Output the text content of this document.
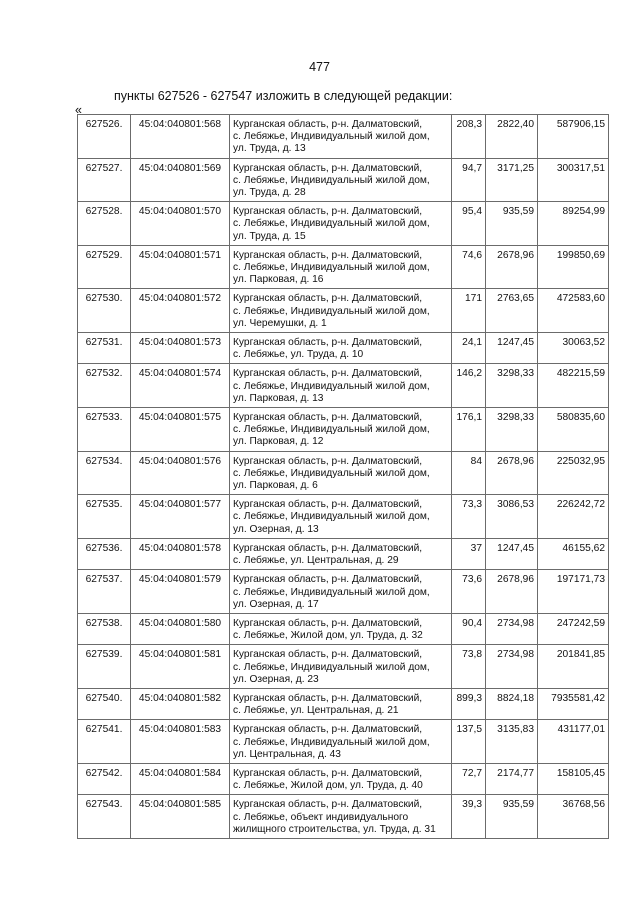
477
пункты 627526 - 627547 изложить в следующей редакции:
«
627526.	45:04:040801:568	Курганская область, р-н. Далматовский,
с. Лебяжье, Индивидуальный жилой дом,
ул. Труда, д. 13	208,3	2822,40	587906,15
627527.	45:04:040801:569	Курганская область, р-н. Далматовский,
с. Лебяжье, Индивидуальный жилой дом,
ул. Труда, д. 28	94,7	3171,25	300317,51
627528.	45:04:040801:570	Курганская область, р-н. Далматовский,
с. Лебяжье, Индивидуальный жилой дом,
ул. Труда, д. 15	95,4	935,59	89254,99
627529.	45:04:040801:571	Курганская область, р-н. Далматовский,
с. Лебяжье, Индивидуальный жилой дом,
ул. Парковая, д. 16	74,6	2678,96	199850,69
627530.	45:04:040801:572	Курганская область, р-н. Далматовский,
с. Лебяжье, Индивидуальный жилой дом,
ул. Черемушки, д. 1	171	2763,65	472583,60
627531.	45:04:040801:573	Курганская область, р-н. Далматовский,
с. Лебяжье, ул. Труда, д. 10	24,1	1247,45	30063,52
627532.	45:04:040801:574	Курганская область, р-н. Далматовский,
с. Лебяжье, Индивидуальный жилой дом,
ул. Парковая, д. 13	146,2	3298,33	482215,59
627533.	45:04:040801:575	Курганская область, р-н. Далматовский,
с. Лебяжье, Индивидуальный жилой дом,
ул. Парковая, д. 12	176,1	3298,33	580835,60
627534.	45:04:040801:576	Курганская область, р-н. Далматовский,
с. Лебяжье, Индивидуальный жилой дом,
ул. Парковая, д. 6	84	2678,96	225032,95
627535.	45:04:040801:577	Курганская область, р-н. Далматовский,
с. Лебяжье, Индивидуальный жилой дом,
ул. Озерная, д. 13	73,3	3086,53	226242,72
627536.	45:04:040801:578	Курганская область, р-н. Далматовский,
с. Лебяжье, ул. Центральная, д. 29	37	1247,45	46155,62
627537.	45:04:040801:579	Курганская область, р-н. Далматовский,
с. Лебяжье, Индивидуальный жилой дом,
ул. Озерная, д. 17	73,6	2678,96	197171,73
627538.	45:04:040801:580	Курганская область, р-н. Далматовский,
с. Лебяжье, Жилой дом, ул. Труда, д. 32	90,4	2734,98	247242,59
627539.	45:04:040801:581	Курганская область, р-н. Далматовский,
с. Лебяжье, Индивидуальный жилой дом,
ул. Озерная, д. 23	73,8	2734,98	201841,85
627540.	45:04:040801:582	Курганская область, р-н. Далматовский,
с. Лебяжье, ул. Центральная, д. 21	899,3	8824,18	7935581,42
627541.	45:04:040801:583	Курганская область, р-н. Далматовский,
с. Лебяжье, Индивидуальный жилой дом,
ул. Центральная, д. 43	137,5	3135,83	431177,01
627542.	45:04:040801:584	Курганская область, р-н. Далматовский,
с. Лебяжье, Жилой дом, ул. Труда, д. 40	72,7	2174,77	158105,45
627543.	45:04:040801:585	Курганская область, р-н. Далматовский,
с. Лебяжье, объект индивидуального
жилищного строительства, ул. Труда, д. 31	39,3	935,59	36768,56
